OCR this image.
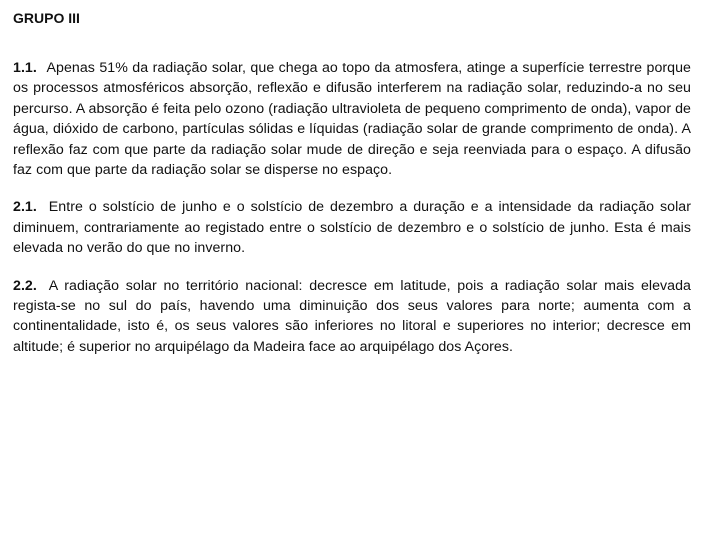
GRUPO III

1.1. Apenas 51% da radiação solar, que chega ao topo da atmosfera, atinge a superfície terrestre porque os processos atmosféricos absorção, reflexão e difusão interferem na radiação solar, reduzindo-a no seu percurso. A absorção é feita pelo ozono (radiação ultravioleta de pequeno comprimento de onda), vapor de água, dióxido de carbono, partículas sólidas e líquidas (radiação solar de grande comprimento de onda). A reflexão faz com que parte da radiação solar mude de direção e seja reenviada para o espaço. A difusão faz com que parte da radiação solar se disperse no espaço.

2.1. Entre o solstício de junho e o solstício de dezembro a duração e a intensidade da radiação solar diminuem, contrariamente ao registado entre o solstício de dezembro e o solstício de junho. Esta é mais elevada no verão do que no inverno.

2.2. A radiação solar no território nacional: decresce em latitude, pois a radiação solar mais elevada regista-se no sul do país, havendo uma diminuição dos seus valores para norte; aumenta com a continentalidade, isto é, os seus valores são inferiores no litoral e superiores no interior; decresce em altitude; é superior no arquipélago da Madeira face ao arquipélago dos Açores.
